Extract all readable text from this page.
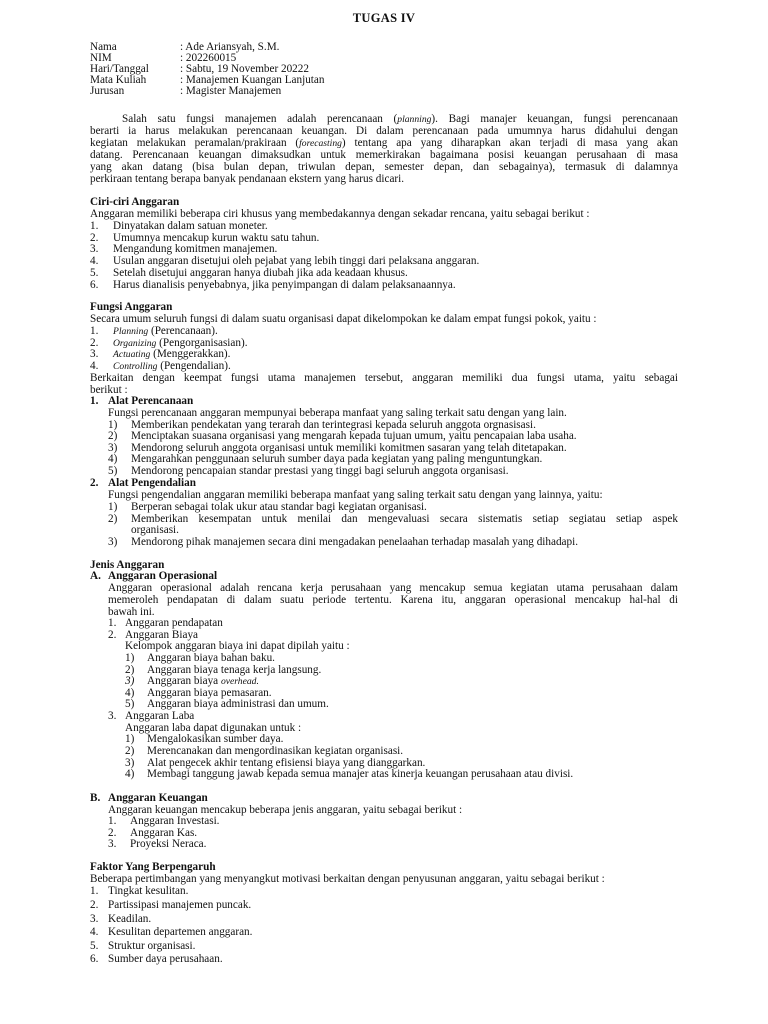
TUGAS IV
Nama	: Ade Ariansyah, S.M.
NIM	: 202260015
Hari/Tanggal	: Sabtu, 19 November 20222
Mata Kuliah	: Manajemen Kuangan Lanjutan
Jurusan	: Magister Manajemen
Salah satu fungsi manajemen adalah perencanaan (planning). Bagi manajer keuangan, fungsi perencanaan
berarti ia harus melakukan perencanaan keuangan. Di dalam perencanaan pada umumnya harus didahului dengan
kegiatan melakukan peramalan/prakiraan (forecasting) tentang apa yang diharapkan akan terjadi di masa yang akan
datang. Perencanaan keuangan dimaksudkan untuk memerkirakan bagaimana posisi keuangan perusahaan di masa
yang akan datang (bisa bulan depan, triwulan depan, semester depan, dan sebagainya), termasuk di dalamnya
perkiraan tentang berapa banyak pendanaan ekstern yang harus dicari.
Ciri-ciri Anggaran
Anggaran memiliki beberapa ciri khusus yang membedakannya dengan sekadar rencana, yaitu sebagai berikut :
1. Dinyatakan dalam satuan moneter.
2. Umumnya mencakup kurun waktu satu tahun.
3. Mengandung komitmen manajemen.
4. Usulan anggaran disetujui oleh pejabat yang lebih tinggi dari pelaksana anggaran.
5. Setelah disetujui anggaran hanya diubah jika ada keadaan khusus.
6. Harus dianalisis penyebabnya, jika penyimpangan di dalam pelaksanaannya.
Fungsi Anggaran
Secara umum seluruh fungsi di dalam suatu organisasi dapat dikelompokan ke dalam empat fungsi pokok, yaitu :
1. Planning (Perencanaan).
2. Organizing (Pengorganisasian).
3. Actuating (Menggerakkan).
4. Controlling (Pengendalian).
Berkaitan dengan keempat fungsi utama manajemen tersebut, anggaran memiliki dua fungsi utama, yaitu sebagai
berikut :
1. Alat Perencanaan
Fungsi perencanaan anggaran mempunyai beberapa manfaat yang saling terkait satu dengan yang lain.
1) Memberikan pendekatan yang terarah dan terintegrasi kepada seluruh anggota orgnasisasi.
2) Menciptakan suasana organisasi yang mengarah kepada tujuan umum, yaitu pencapaian laba usaha.
3) Mendorong seluruh anggota organisasi untuk memiliki komitmen sasaran yang telah ditetapakan.
4) Mengarahkan penggunaan seluruh sumber daya pada kegiatan yang paling menguntungkan.
5) Mendorong pencapaian standar prestasi yang tinggi bagi seluruh anggota organisasi.
2. Alat Pengendalian
Fungsi pengendalian anggaran memiliki beberapa manfaat yang saling terkait satu dengan yang lainnya, yaitu:
1) Berperan sebagai tolak ukur atau standar bagi kegiatan organisasi.
2) Memberikan kesempatan untuk menilai dan mengevaluasi secara sistematis setiap segiatau setiap aspek
organisasi.
3) Mendorong pihak manajemen secara dini mengadakan penelaahan terhadap masalah yang dihadapi.
Jenis Anggaran
A. Anggaran Operasional
Anggaran operasional adalah rencana kerja perusahaan yang mencakup semua kegiatan utama perusahaan dalam
memeroleh pendapatan di dalam suatu periode tertentu. Karena itu, anggaran operasional mencakup hal-hal di
bawah ini.
1. Anggaran pendapatan
2. Anggaran Biaya
Kelompok anggaran biaya ini dapat dipilah yaitu :
1) Anggaran biaya bahan baku.
2) Anggaran biaya tenaga kerja langsung.
3) Anggaran biaya overhead.
4) Anggaran biaya pemasaran.
5) Anggaran biaya administrasi dan umum.
3. Anggaran Laba
Anggaran laba dapat digunakan untuk :
1) Mengalokasikan sumber daya.
2) Merencanakan dan mengordinasikan kegiatan organisasi.
3) Alat pengecek akhir tentang efisiensi biaya yang dianggarkan.
4) Membagi tanggung jawab kepada semua manajer atas kinerja keuangan perusahaan atau divisi.
B. Anggaran Keuangan
Anggaran keuangan mencakup beberapa jenis anggaran, yaitu sebagai berikut :
1. Anggaran Investasi.
2. Anggaran Kas.
3. Proyeksi Neraca.
Faktor Yang Berpengaruh
Beberapa pertimbangan yang menyangkut motivasi berkaitan dengan penyusunan anggaran, yaitu sebagai berikut :
1. Tingkat kesulitan.
2. Partissipasi manajemen puncak.
3. Keadilan.
4. Kesulitan departemen anggaran.
5. Struktur organisasi.
6. Sumber daya perusahaan.
